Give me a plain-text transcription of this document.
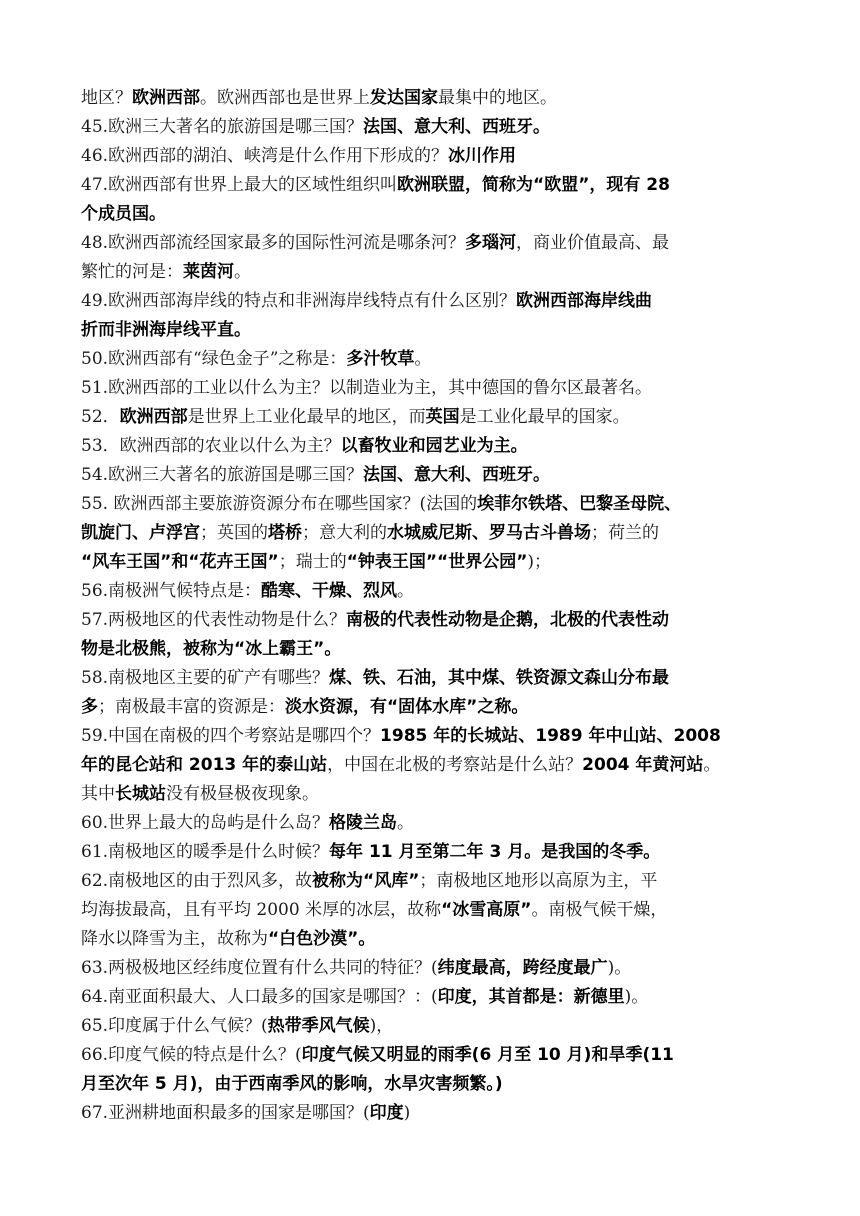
地区？欧洲西部。欧洲西部也是世界上发达国家最集中的地区。
45.欧洲三大著名的旅游国是哪三国？法国、意大利、西班牙。
46.欧洲西部的湖泊、峡湾是什么作用下形成的？冰川作用
47.欧洲西部有世界上最大的区域性组织叫欧洲联盟，简称为“欧盟”，现有 28
个成员国。
48.欧洲西部流经国家最多的国际性河流是哪条河？多瑙河，商业价值最高、最
繁忙的河是：莱茵河。
49.欧洲西部海岸线的特点和非洲海岸线特点有什么区别？欧洲西部海岸线曲
折而非洲海岸线平直。
50.欧洲西部有“绿色金子”之称是：多汁牧草。
51.欧洲西部的工业以什么为主？以制造业为主，其中德国的鲁尔区最著名。
52．欧洲西部是世界上工业化最早的地区，而英国是工业化最早的国家。
53．欧洲西部的农业以什么为主？以畜牧业和园艺业为主。
54.欧洲三大著名的旅游国是哪三国？法国、意大利、西班牙。
55. 欧洲西部主要旅游资源分布在哪些国家？(法国的埃菲尔铁塔、巴黎圣母院、
凯旋门、卢浮宫；英国的塔桥；意大利的水城威尼斯、罗马古斗兽场；荷兰的
“风车王国”和“花卉王国”；瑞士的“钟表王国”“世界公园”)；
56.南极洲气候特点是：酷寒、干燥、烈风。
57.两极地区的代表性动物是什么？南极的代表性动物是企鹅，北极的代表性动
物是北极熊，被称为“冰上霸王”。
58.南极地区主要的矿产有哪些？煤、铁、石油，其中煤、铁资源文森山分布最
多；南极最丰富的资源是：淡水资源，有“固体水库”之称。
59.中国在南极的四个考察站是哪四个？1985 年的长城站、1989 年中山站、2008
年的昆仑站和 2013 年的泰山站，中国在北极的考察站是什么站？2004 年黄河站。
其中长城站没有极昼极夜现象。
60.世界上最大的岛屿是什么岛？格陵兰岛。
61.南极地区的暖季是什么时候？每年 11 月至第二年 3 月。是我国的冬季。
62.南极地区的由于烈风多，故被称为“风库”；南极地区地形以高原为主，平
均海拔最高，且有平均 2000 米厚的冰层，故称“冰雪高原”。南极气候干燥，
降水以降雪为主，故称为“白色沙漠”。
63.两极极地区经纬度位置有什么共同的特征？(纬度最高，跨经度最广)。
64.南亚面积最大、人口最多的国家是哪国？：(印度，其首都是：新德里)。
65.印度属于什么气候？(热带季风气候)，
66.印度气候的特点是什么？(印度气候又明显的雨季(6 月至 10 月)和旱季(11
月至次年 5 月)，由于西南季风的影响，水旱灾害频繁。)
67.亚洲耕地面积最多的国家是哪国？(印度)
